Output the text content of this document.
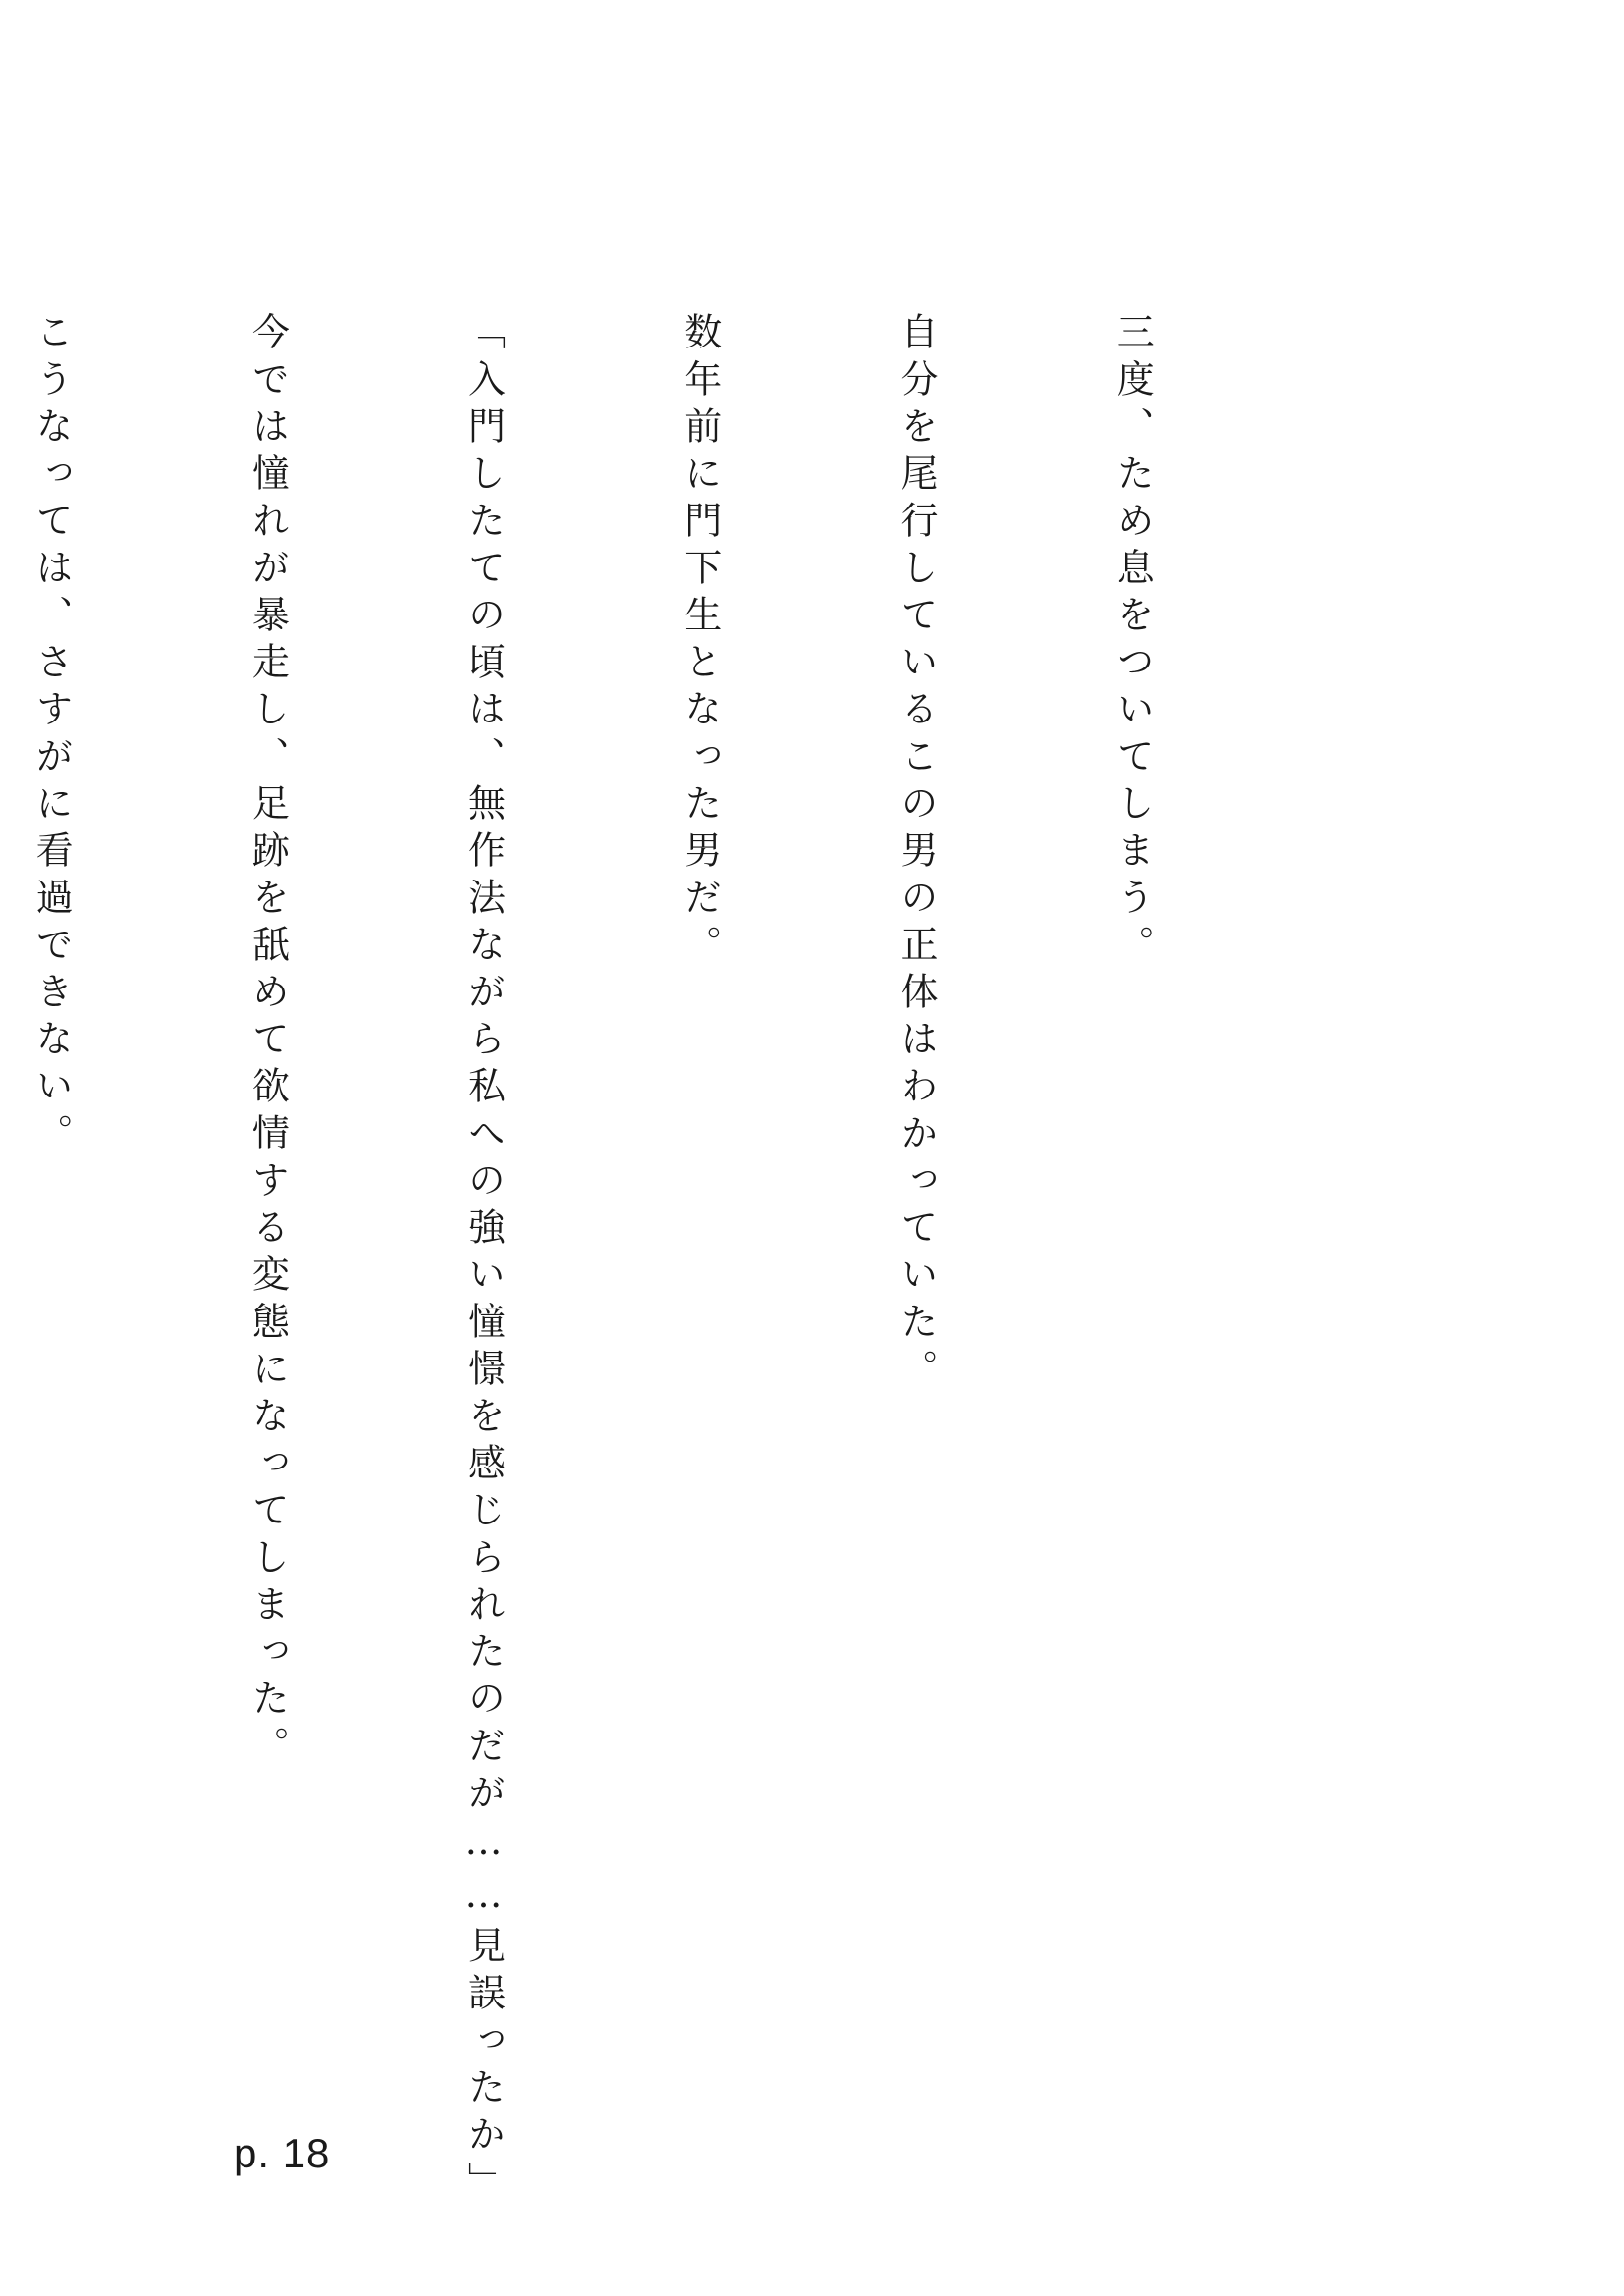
三度、ため息をついてしまう。

自分を尾行しているこの男の正体はわかっていた。

数年前に門下生となった男だ。

「入門したての頃は、無作法ながら私への強い憧憬を感じられたのだが……見誤ったか」

今では憧れが暴走し、足跡を舐めて欲情する変態になってしまった。

こうなっては、さすがに看過できない。

p. 18
